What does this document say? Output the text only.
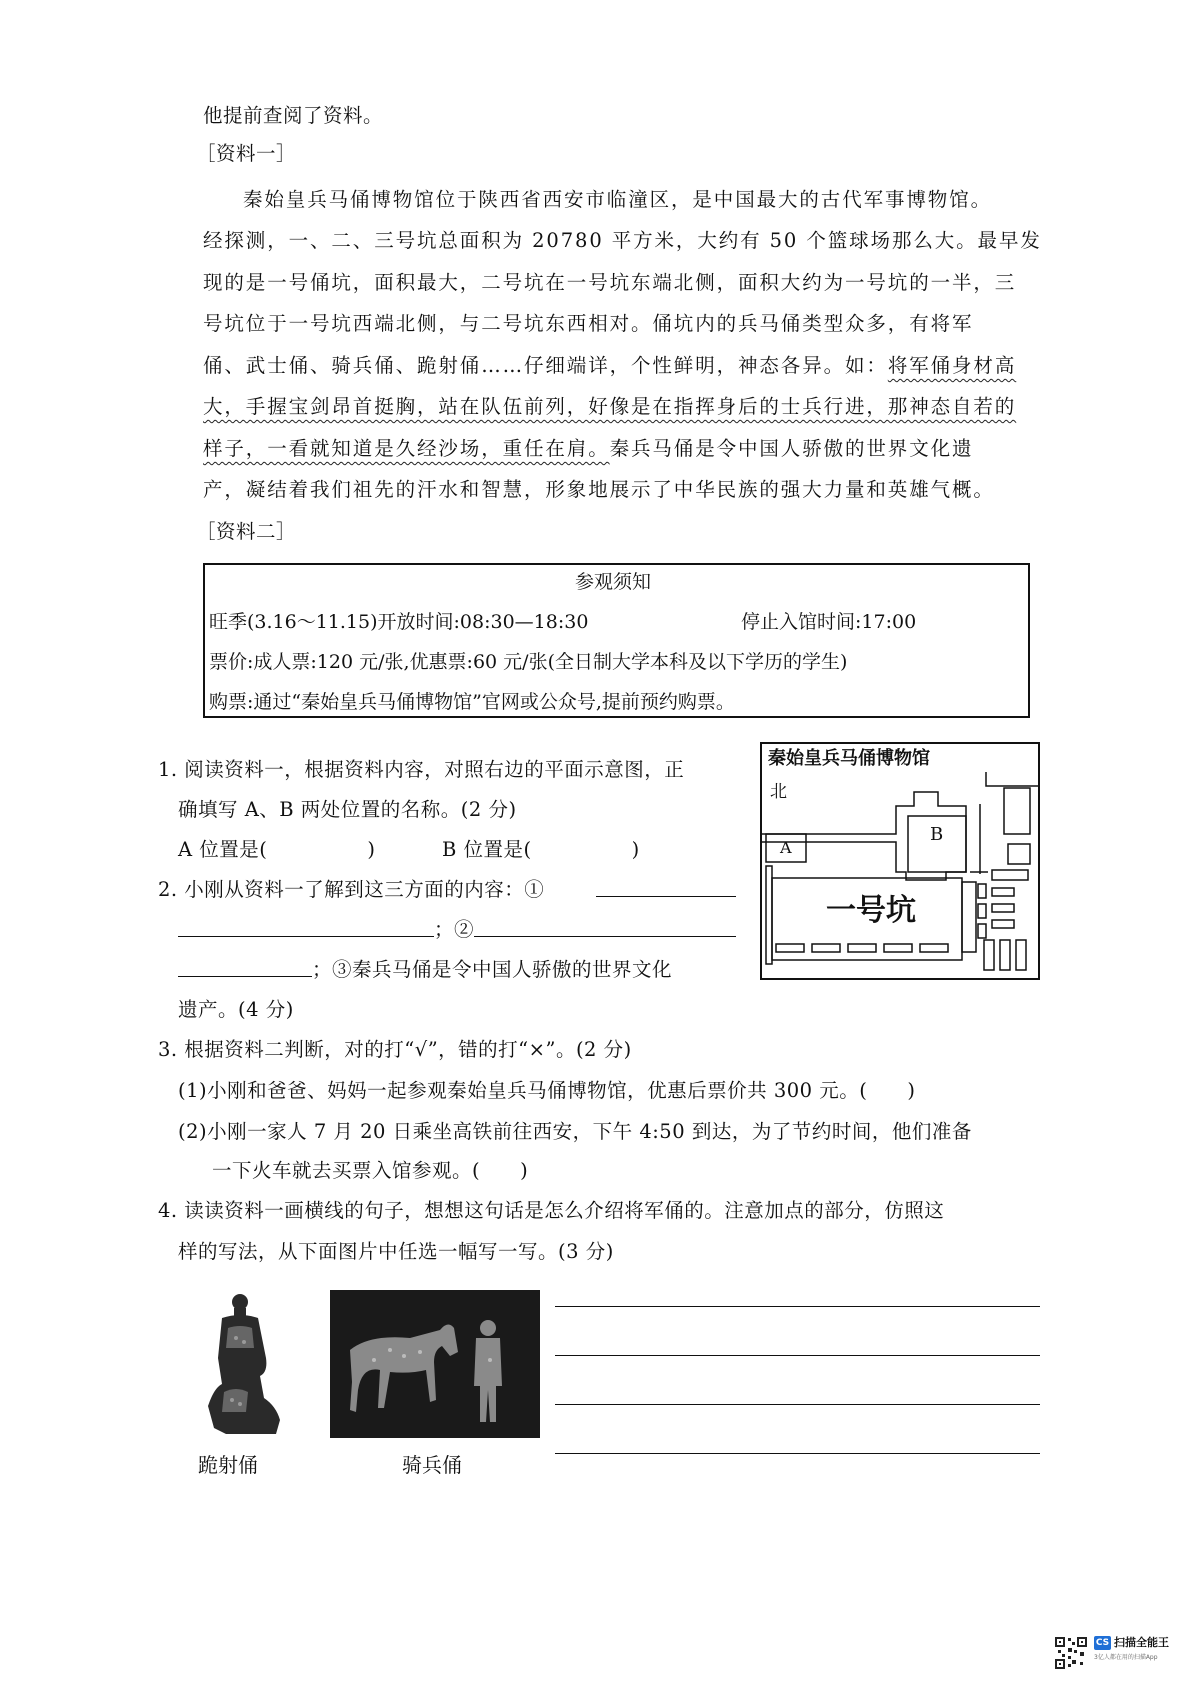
他提前查阅了资料。
［资料一］

秦始皇兵马俑博物馆位于陕西省西安市临潼区，是中国最大的古代军事博物馆。

经探测，一、二、三号坑总面积为 20780 平方米，大约有 50 个篮球场那么大。最早发

现的是一号俑坑，面积最大，二号坑在一号坑东端北侧，面积大约为一号坑的一半，三

号坑位于一号坑西端北侧，与二号坑东西相对。俑坑内的兵马俑类型众多，有将军

俑、武士俑、骑兵俑、跪射俑……仔细端详，个性鲜明，神态各异。如：将军俑身材高

大，手握宝剑昂首挺胸，站在队伍前列，好像是在指挥身后的士兵行进，那神态自若的

样子，一看就知道是久经沙场，重任在肩。秦兵马俑是令中国人骄傲的世界文化遗

产，凝结着我们祖先的汗水和智慧，形象地展示了中华民族的强大力量和英雄气概。

［资料二］
参观须知
旺季(3.16～11.15)开放时间:08:30—18:30	停止入馆时间:17:00
票价:成人票:120 元/张,优惠票:60 元/张(全日制大学本科及以下学历的学生)
购票:通过“秦始皇兵马俑博物馆”官网或公众号,提前预约购票。
1. 阅读资料一，根据资料内容，对照右边的平面示意图，正
确填写 A、B 两处位置的名称。(2 分)
A 位置是(　　　　　)	B 位置是(　　　　　)
秦始皇兵马俑博物馆
北
B
A
一号坑
2. 小刚从资料一了解到这三方面的内容：①
；②
；③秦兵马俑是令中国人骄傲的世界文化
遗产。(4 分)
3. 根据资料二判断，对的打“√”，错的打“×”。(2 分)
(1)小刚和爸爸、妈妈一起参观秦始皇兵马俑博物馆，优惠后票价共 300 元。(　　)
(2)小刚一家人 7 月 20 日乘坐高铁前往西安，下午 4:50 到达，为了节约时间，他们准备
一下火车就去买票入馆参观。(　　)
4. 读读资料一画横线的句子，想想这句话是怎么介绍将军俑的。注意加点的部分，仿照这
样的写法，从下面图片中任选一幅写一写。(3 分)
跪射俑	骑兵俑
CS 扫描全能王
3亿人都在用的扫描App
